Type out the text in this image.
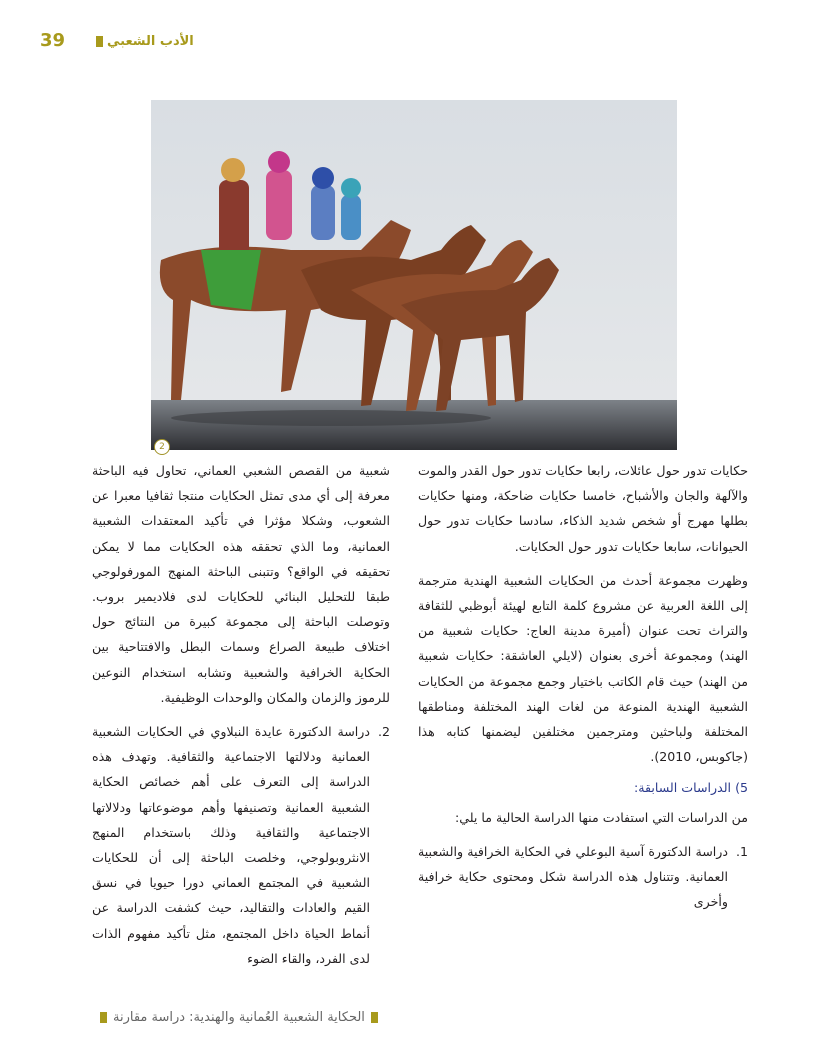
39	الأدب الشعبي
2

حكايات تدور حول عائلات، رابعا حكايات تدور حول القدر والموت والآلهة والجان والأشباح، خامسا حكايات ضاحكة، ومنها حكايات بطلها مهرج أو شخص شديد الذكاء، سادسا حكايات تدور حول الحيوانات، سابعا حكايات تدور حول الحكايات.

وظهرت مجموعة أحدث من الحكايات الشعبية الهندية مترجمة إلى اللغة العربية عن مشروع كلمة التابع لهيئة أبوظبي للثقافة والتراث تحت عنوان (أميرة مدينة العاج: حكايات شعبية من الهند) ومجموعة أخرى بعنوان (لايلي العاشقة: حكايات شعبية من الهند) حيث قام الكاتب باختيار وجمع مجموعة من الحكايات الشعبية الهندية المنوعة من لغات الهند المختلفة ومناطقها المختلفة ولباحثين ومترجمين مختلفين ليضمنها كتابه هذا (جاكوبس، 2010).

5) الدراسات السابقة:

من الدراسات التي استفادت منها الدراسة الحالية ما يلي:

1.
دراسة الدكتورة آسية البوعلي في الحكاية الخرافية والشعبية العمانية. وتتناول هذه الدراسة شكل ومحتوى حكاية خرافية وأخرى

شعبية من القصص الشعبي العماني، تحاول فيه الباحثة معرفة إلى أي مدى تمثل الحكايات منتجا ثقافيا معبرا عن الشعوب، وشكلا مؤثرا في تأكيد المعتقدات الشعبية العمانية، وما الذي تحققه هذه الحكايات مما لا يمكن تحقيقه في الواقع؟ وتتبنى الباحثة المنهج المورفولوجي طبقا للتحليل البنائي للحكايات لدى فلاديمير بروب. وتوصلت الباحثة إلى مجموعة كبيرة من النتائج حول اختلاف طبيعة الصراع وسمات البطل والافتتاحية بين الحكاية الخرافية والشعبية وتشابه استخدام النوعين للرموز والزمان والمكان والوحدات الوظيفية.

2.
دراسة الدكتورة عايدة النبلاوي في الحكايات الشعبية العمانية ودلالتها الاجتماعية والثقافية. وتهدف هذه الدراسة إلى التعرف على أهم خصائص الحكاية الشعبية العمانية وتصنيفها وأهم موضوعاتها ودلالاتها الاجتماعية والثقافية وذلك باستخدام المنهج الانثروبولوجي، وخلصت الباحثة إلى أن للحكايات الشعبية في المجتمع العماني دورا حيويا في نسق القيم والعادات والتقاليد، حيث كشفت الدراسة عن أنماط الحياة داخل المجتمع، مثل تأكيد مفهوم الذات لدى الفرد، والقاء الضوء
الحكاية الشعبية العُمانية والهندية: دراسة مقارنة
